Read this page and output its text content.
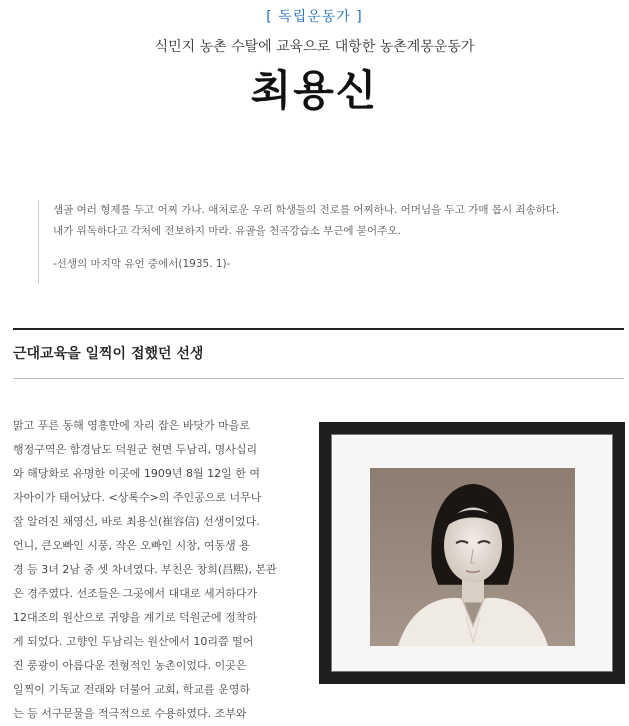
[ 독립운동가 ]
식민지 농촌 수탈에 교육으로 대항한 농촌계몽운동가
최용신

샘골 여러 형제를 두고 어찌 가나. 애처로운 우리 학생들의 전로를 어찌하나. 어머님을 두고 가매 몹시 죄송하다.

내가 위독하다고 각처에 전보하지 마라. 유골을 천곡강습소 부근에 묻어주오.

-선생의 마지막 유언 중에서(1935. 1)-

근대교육을 일찍이 접했던 선생

맑고 푸른 동해 영흥만에 자리 잡은 바닷가 마을로

행정구역은 함경남도 덕원군 현면 두남리, 명사십리

와 해당화로 유명한 이곳에 1909년 8월 12일 한 여

자아이가 태어났다. <상록수>의 주인공으로 너무나

잘 알려진 채영신, 바로 최용신(崔容信) 선생이었다.

언니, 큰오빠인 시풍, 작은 오빠인 시창, 여동생 용

경 등 3녀 2남 중 셋 차녀였다. 부친은 창희(昌熙), 본관

은 경주였다. 선조들은 그곳에서 대대로 세거하다가

12대조의 원산으로 귀양을 계기로 덕원군에 정착하

게 되었다. 고향인 두남리는 원산에서 10리쯤 떨어

진 풍광이 아름다운 전형적인 농촌이었다. 이곳은

일찍이 기독교 전래와 더불어 교회, 학교를 운영하

는 등 서구문물을 적극적으로 수용하였다. 조부와
